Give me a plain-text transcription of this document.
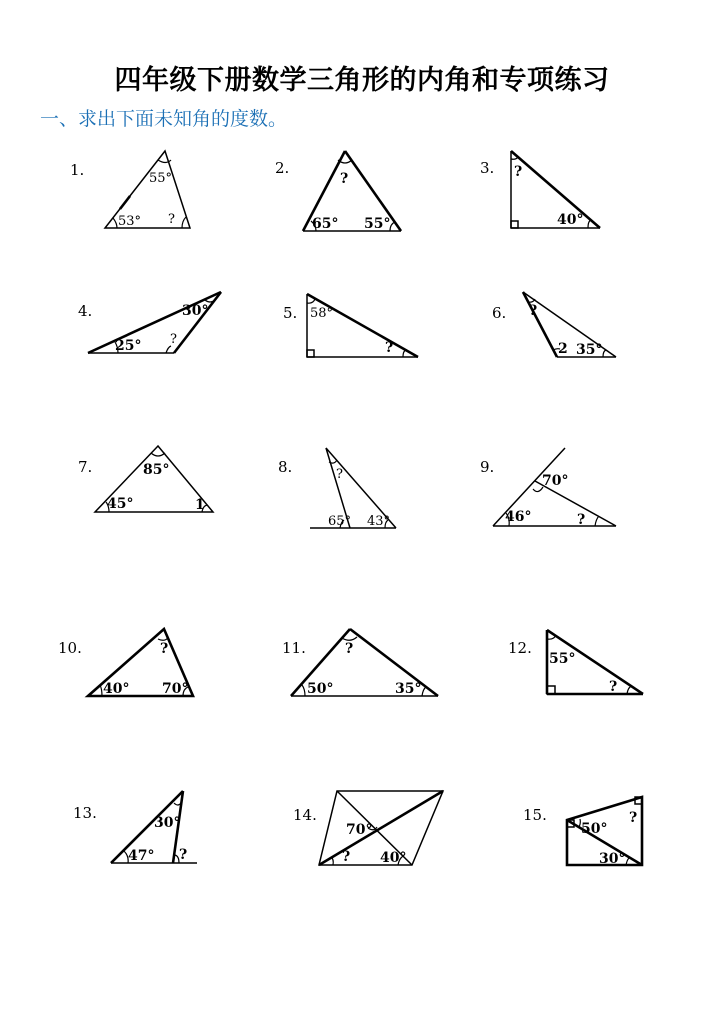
四年级下册数学三角形的内角和专项练习
一、求出下面未知角的度数。
1.	55°
53° ?
2.
?
65° 55°
3. ?
40°
4.	30°
25° ?
5. 58°
?
6. ?
2 35°
7.	85°
45°	1
8.	?
65° 43°
9.
70°
46°	?
10.	?
40° 70°
11.	?
50°	35°
12.
55°
?
13.
30°
47° ?
14.
70°
? 40°
15.
50°
?
30°
